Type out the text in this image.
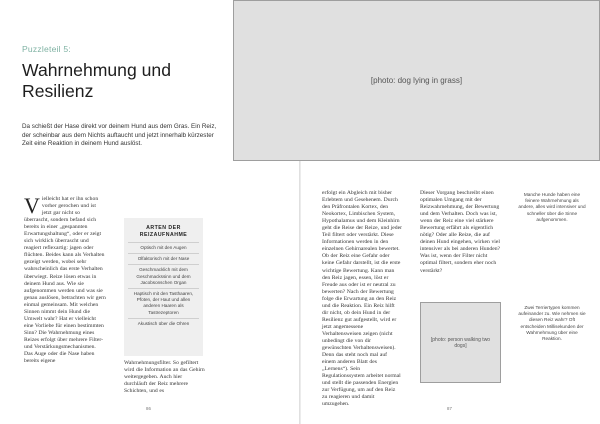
Puzzleteil 5:
Wahrnehmung und Resilienz
Da schießt der Hase direkt vor deinem Hund aus dem Gras. Ein Reiz, der scheinbar aus dem Nichts auftaucht und jetzt innerhalb kürzester Zeit eine Reaktion in deinem Hund auslöst.

Vielleicht hat er ihn schon vorher gerochen und ist jetzt gar nicht so überrascht, sondern befand sich bereits in einer „gespannten Erwartungshaltung“, oder er zeigt sich wirklich überrascht und reagiert reflexartig: jagen oder flüchten. Beides kann als Verhalten gezeigt werden, wobei sehr wahrscheinlich das erste Verhalten überwiegt. Reize lösen etwas in deinem Hund aus. Wie sie aufgenommen werden und was sie genau auslösen, betrachten wir gern einmal gemeinsam. Mit welchen Sinnen nimmt dein Hund die Umwelt wahr? Hat er vielleicht eine Vorliebe für einen bestimmten Sinn? Die Wahrnehmung eines Reizes erfolgt über mehrere Filter- und Verstärkungsmechanismen. Das Auge oder die Nase haben bereits eigene

ARTEN DER REIZAUFNAHME
Optisch mit den Augen
Olfaktorisch mit der Nase
Geschmacklich mit dem Geschmackssinn und dem Jacobsonschen Organ
Haptisch mit den Tasthaaren, Pfoten, der Haut und allen anderen Haaren als Tastrezeptoren
Akustisch über die Ohren
Wahrnehmungsfilter. So gefiltert wird die Information an das Gehirn weitergegeben. Auch hier durchläuft der Reiz mehrere Schichten, und es
86
[photo: dog lying in grass]

erfolgt ein Abgleich mit bisher Erlebtem und Gesehenem. Durch den Präfrontalen Kortex, den Neokortex, Limbischen System, Hypothalamus und dem Kleinhirn geht die Reise der Reize, und jeder Teil filtert oder verstärkt. Diese Informationen werden in den einzelnen Gehirnarealen bewertet. Ob der Reiz eine Gefahr oder keine Gefahr darstellt, ist die erste wichtige Bewertung. Kann man den Reiz jagen, essen, löst er Freude aus oder ist er neutral zu bewerten? Nach der Bewertung folge die Erwartung an den Reiz und die Reaktion. Ein Reiz hilft dir nicht, ob dein Hund in der Resilienz gut aufgestellt, wird er jetzt angemessene Verhaltensweisen zeigen (nicht unbedingt die von dir gewünschten Verhaltensweisen). Denn das steht noch mal auf einem anderen Blatt des „Lernens“). Sein Regulationssystem arbeitet normal und stellt die passenden Energien zur Verfügung, um auf den Reiz zu reagieren und damit umzugehen.

Dieser Vorgang beschreibt einen optimalen Umgang mit der Reizwahrnehmung, der Bewertung und dem Verhalten. Doch was ist, wenn der Reiz eine viel stärkere Bewertung erfährt als eigentlich nötig? Oder alle Reize, die auf deinen Hund eingehen, wirken viel intensiver als bei anderen Hunden? Was ist, wenn der Filter nicht optimal filtert, sondern eher noch verstärkt?

[photo: person walking two dogs]
Manche Hunde haben eine feinere Wahrnehmung als andere, alles wird intensiver und schneller über die Sinne aufgenommen.
Zwei Terriertypen kommen aufeinander zu. Wie nehmen sie diesen Reiz wahr? Oft entscheiden Millisekunden der Wahrnehmung über eine Reaktion.
87
